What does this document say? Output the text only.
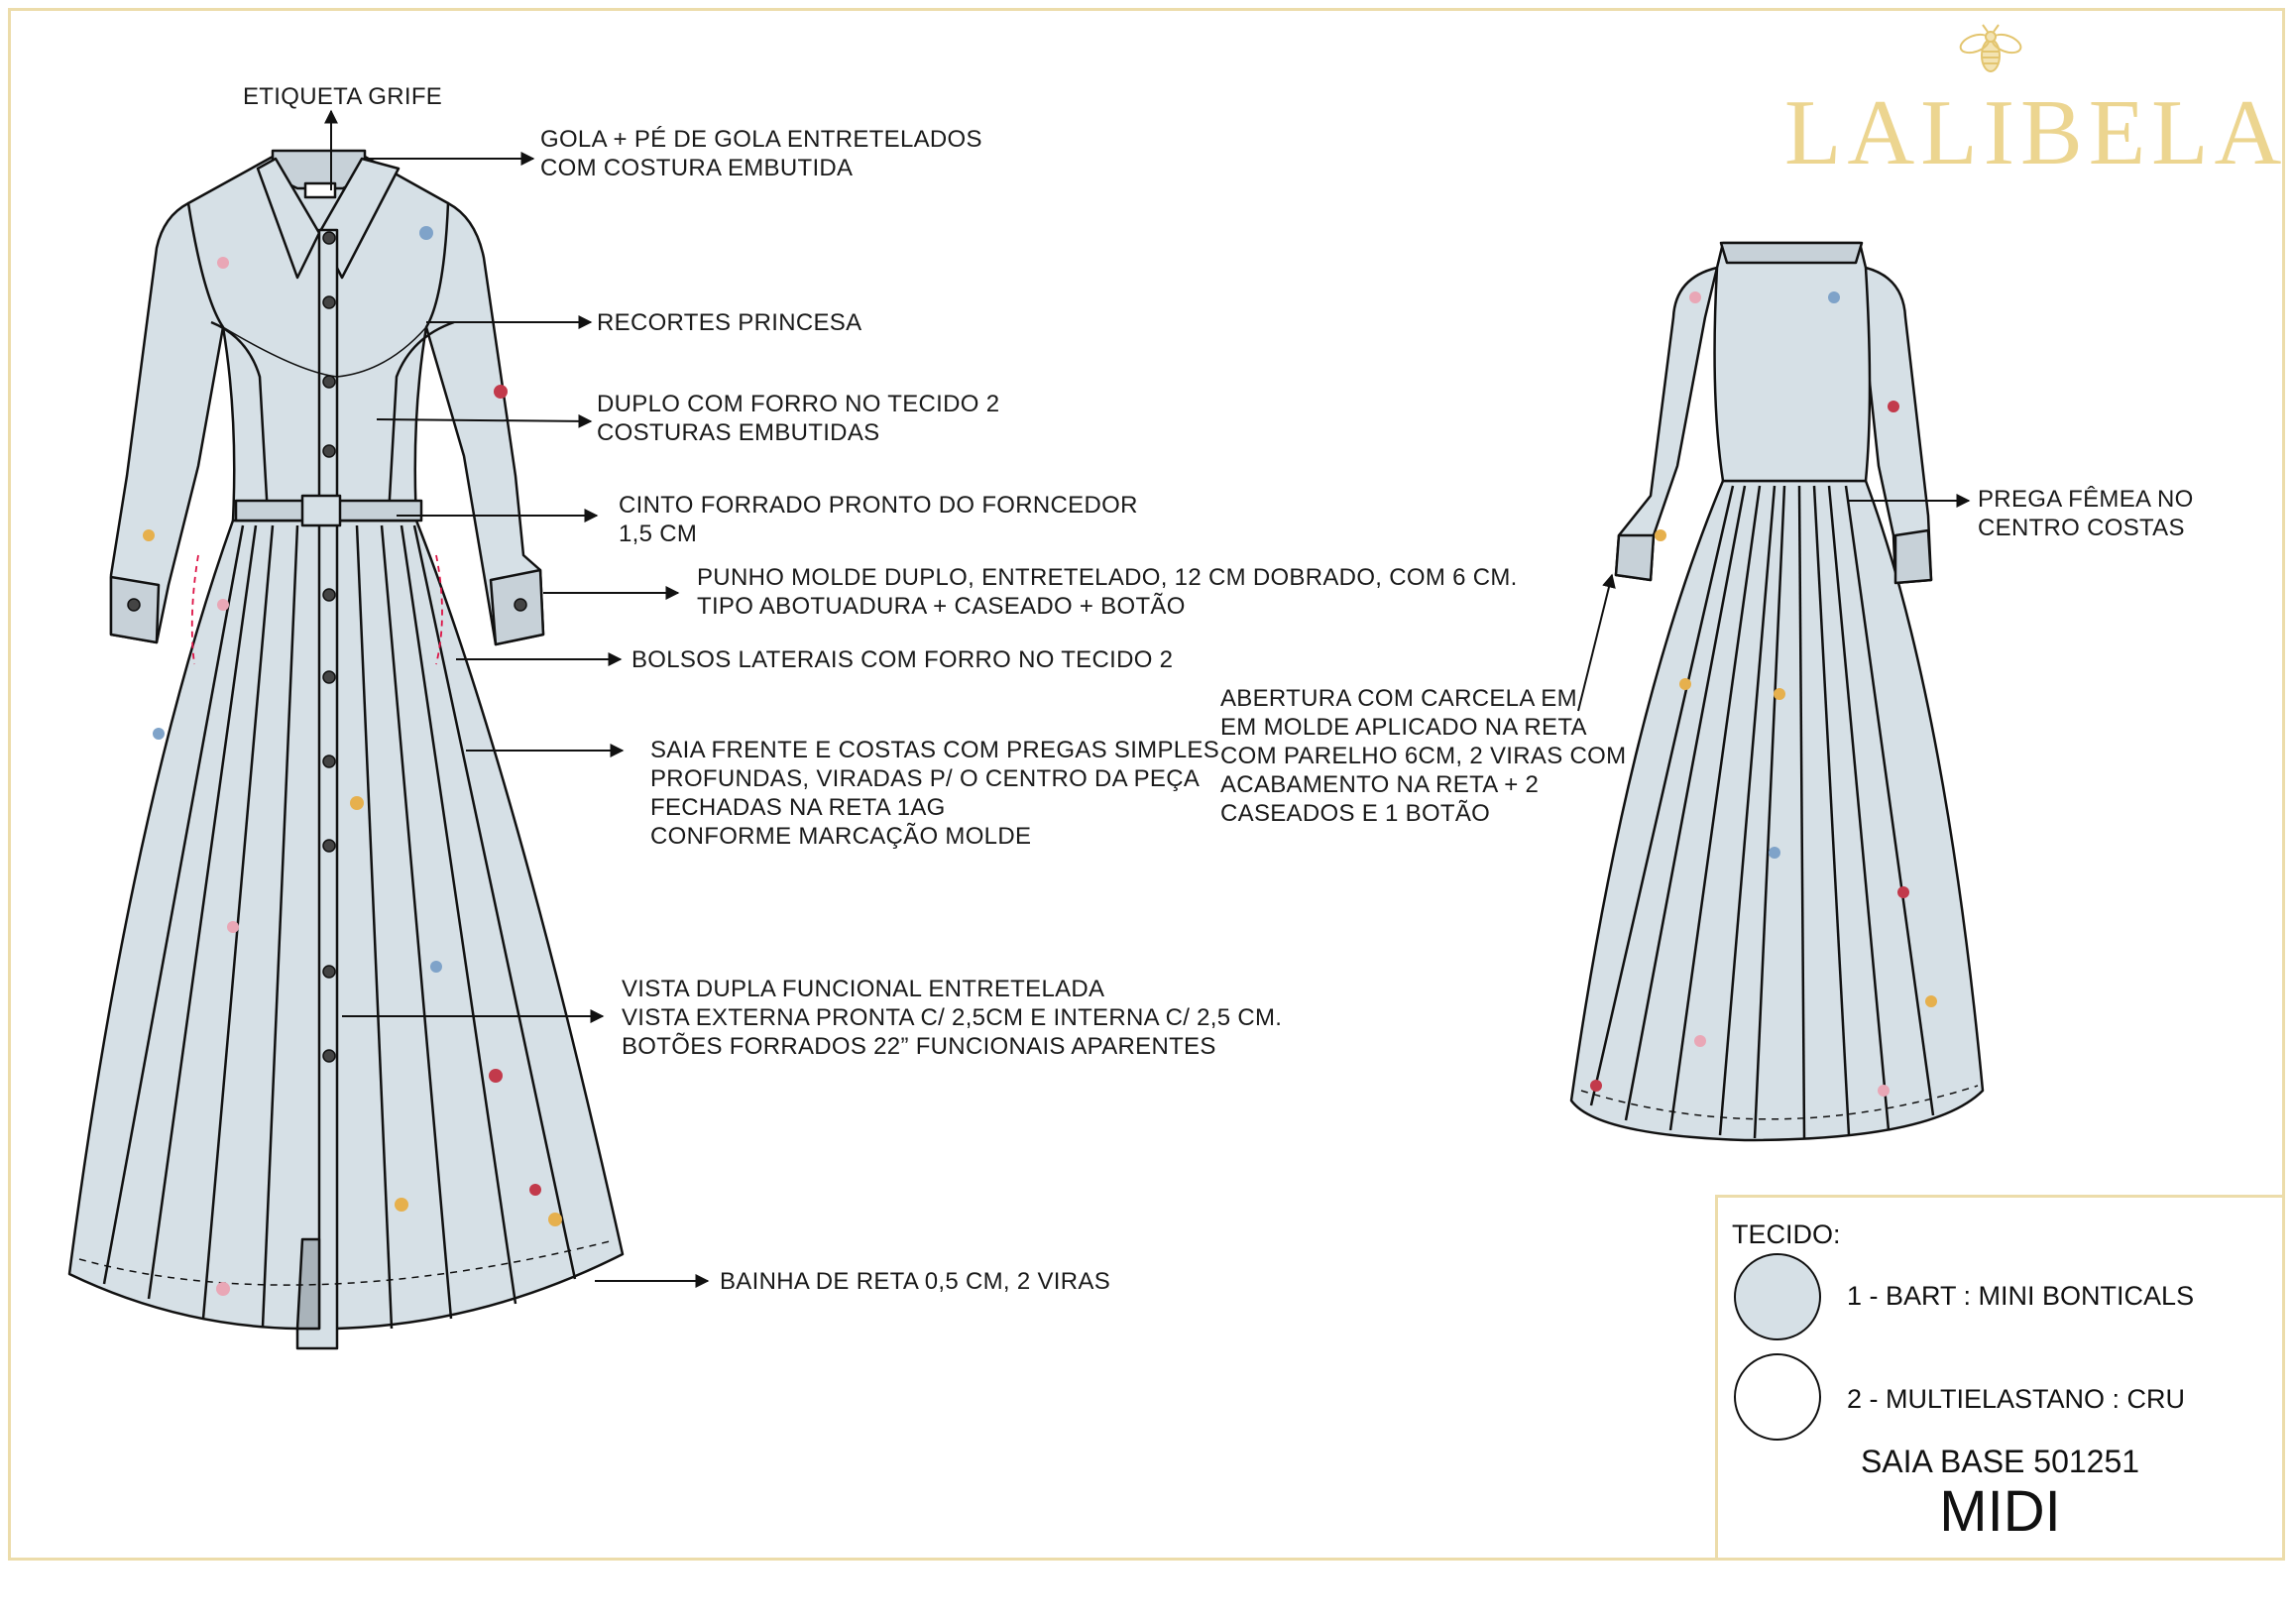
LALIBELA
ETIQUETA GRIFE
GOLA + PÉ DE GOLA ENTRETELADOS
COM COSTURA EMBUTIDA
RECORTES PRINCESA
DUPLO COM FORRO NO TECIDO 2
COSTURAS EMBUTIDAS
CINTO FORRADO PRONTO DO FORNCEDOR
1,5 CM
PUNHO MOLDE DUPLO, ENTRETELADO, 12 CM DOBRADO, COM 6 CM.
TIPO ABOTUADURA + CASEADO + BOTÃO
BOLSOS LATERAIS COM FORRO NO TECIDO 2
SAIA FRENTE E COSTAS COM PREGAS SIMPLES
PROFUNDAS, VIRADAS P/ O CENTRO DA PEÇA
FECHADAS NA RETA 1AG
CONFORME MARCAÇÃO MOLDE
VISTA DUPLA FUNCIONAL ENTRETELADA
VISTA EXTERNA PRONTA C/ 2,5CM E INTERNA C/ 2,5 CM.
BOTÕES FORRADOS 22” FUNCIONAIS APARENTES
BAINHA DE RETA 0,5 CM, 2 VIRAS
PREGA FÊMEA NO
CENTRO COSTAS
ABERTURA COM CARCELA EM
EM MOLDE APLICADO NA RETA
COM PARELHO 6CM, 2 VIRAS COM
ACABAMENTO NA RETA + 2
CASEADOS E 1 BOTÃO
TECIDO:
1 - BART : MINI BONTICALS
2 - MULTIELASTANO : CRU
SAIA BASE 501251
MIDI
